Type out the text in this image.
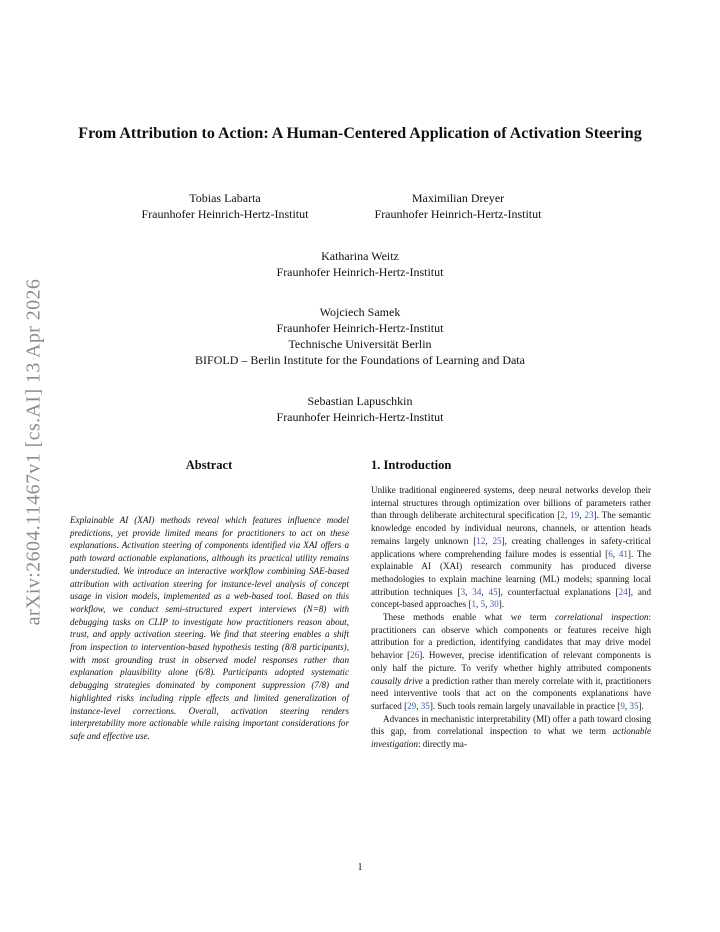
arXiv:2604.11467v1 [cs.AI] 13 Apr 2026
From Attribution to Action: A Human-Centered Application of Activation Steering
Tobias Labarta
Fraunhofer Heinrich-Hertz-Institut
Maximilian Dreyer
Fraunhofer Heinrich-Hertz-Institut
Katharina Weitz
Fraunhofer Heinrich-Hertz-Institut
Wojciech Samek
Fraunhofer Heinrich-Hertz-Institut
Technische Universität Berlin
BIFOLD – Berlin Institute for the Foundations of Learning and Data
Sebastian Lapuschkin
Fraunhofer Heinrich-Hertz-Institut
Abstract
Explainable AI (XAI) methods reveal which features influence model predictions, yet provide limited means for practitioners to act on these explanations. Activation steering of components identified via XAI offers a path toward actionable explanations, although its practical utility remains understudied. We introduce an interactive workflow combining SAE-based attribution with activation steering for instance-level analysis of concept usage in vision models, implemented as a web-based tool. Based on this workflow, we conduct semi-structured expert interviews (N=8) with debugging tasks on CLIP to investigate how practitioners reason about, trust, and apply activation steering. We find that steering enables a shift from inspection to intervention-based hypothesis testing (8/8 participants), with most grounding trust in observed model responses rather than explanation plausibility alone (6/8). Participants adopted systematic debugging strategies dominated by component suppression (7/8) and highlighted risks including ripple effects and limited generalization of instance-level corrections. Overall, activation steering renders interpretability more actionable while raising important considerations for safe and effective use.
1. Introduction

Unlike traditional engineered systems, deep neural networks develop their internal structures through optimization over billions of parameters rather than through deliberate architectural specification [2, 19, 23]. The semantic knowledge encoded by individual neurons, channels, or attention heads remains largely unknown [12, 25], creating challenges in safety-critical applications where comprehending failure modes is essential [6, 41]. The explainable AI (XAI) research community has produced diverse methodologies to explain machine learning (ML) models; spanning local attribution techniques [3, 34, 45], counterfactual explanations [24], and concept-based approaches [1, 5, 30].

These methods enable what we term correlational inspection: practitioners can observe which components or features receive high attribution for a prediction, identifying candidates that may drive model behavior [26]. However, precise identification of relevant components is only half the picture. To verify whether highly attributed components causally drive a prediction rather than merely correlate with it, practitioners need interventive tools that act on the components explanations have surfaced [29, 35]. Such tools remain largely unavailable in practice [9, 35].

Advances in mechanistic interpretability (MI) offer a path toward closing this gap, from correlational inspection to what we term actionable investigation: directly ma-

1
